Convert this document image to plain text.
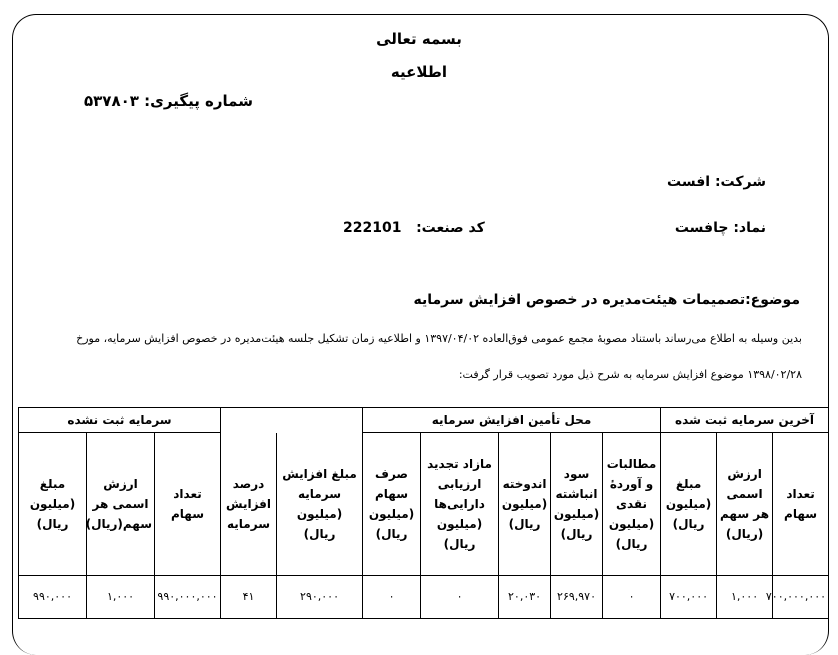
بسمه تعالی
اطلاعیه
شماره پیگیری: ۵۳۷۸۰۳
شرکت: افست
نماد: چافست
کد صنعت:   222101
موضوع:تصمیمات هیئت‌مدیره در خصوص افزایش سرمایه
بدین وسیله به اطلاع می‌رساند باستناد مصوبهٔ مجمع عمومی فوق‌العاده ۱۳۹۷/۰۴/۰۲ و اطلاعیه زمان تشکیل جلسه هیئت‌مدیره در خصوص افزایش سرمایه، مورخ
۱۳۹۸/۰۲/۲۸ موضوع افزایش سرمایه به شرح ذیل مورد تصویب قرار گرفت:
آخرین سرمایه ثبت شده			محل تأمین افزایش سرمایه							سرمایه ثبت نشده		
تعداد سهام	ارزش اسمی هر سهم (ریال)	مبلغ (میلیون ریال)	مطالبات و آوردهٔ نقدی (میلیون ریال)	سود انباشته (میلیون ریال)	اندوخته (میلیون ریال)	مازاد تجدید ارزیابی دارایی‌ها (میلیون ریال)	صرف سهام (میلیون ریال)	مبلغ افزایش سرمایه (میلیون ریال)	درصد افزایش سرمایه	تعداد سهام	ارزش اسمی هر سهم(ریال)	مبلغ (میلیون ریال)
۷۰۰,۰۰۰,۰۰۰	۱,۰۰۰	۷۰۰,۰۰۰	۰	۲۶۹,۹۷۰	۲۰,۰۳۰	۰	۰	۲۹۰,۰۰۰	۴۱	۹۹۰,۰۰۰,۰۰۰	۱,۰۰۰	۹۹۰,۰۰۰
